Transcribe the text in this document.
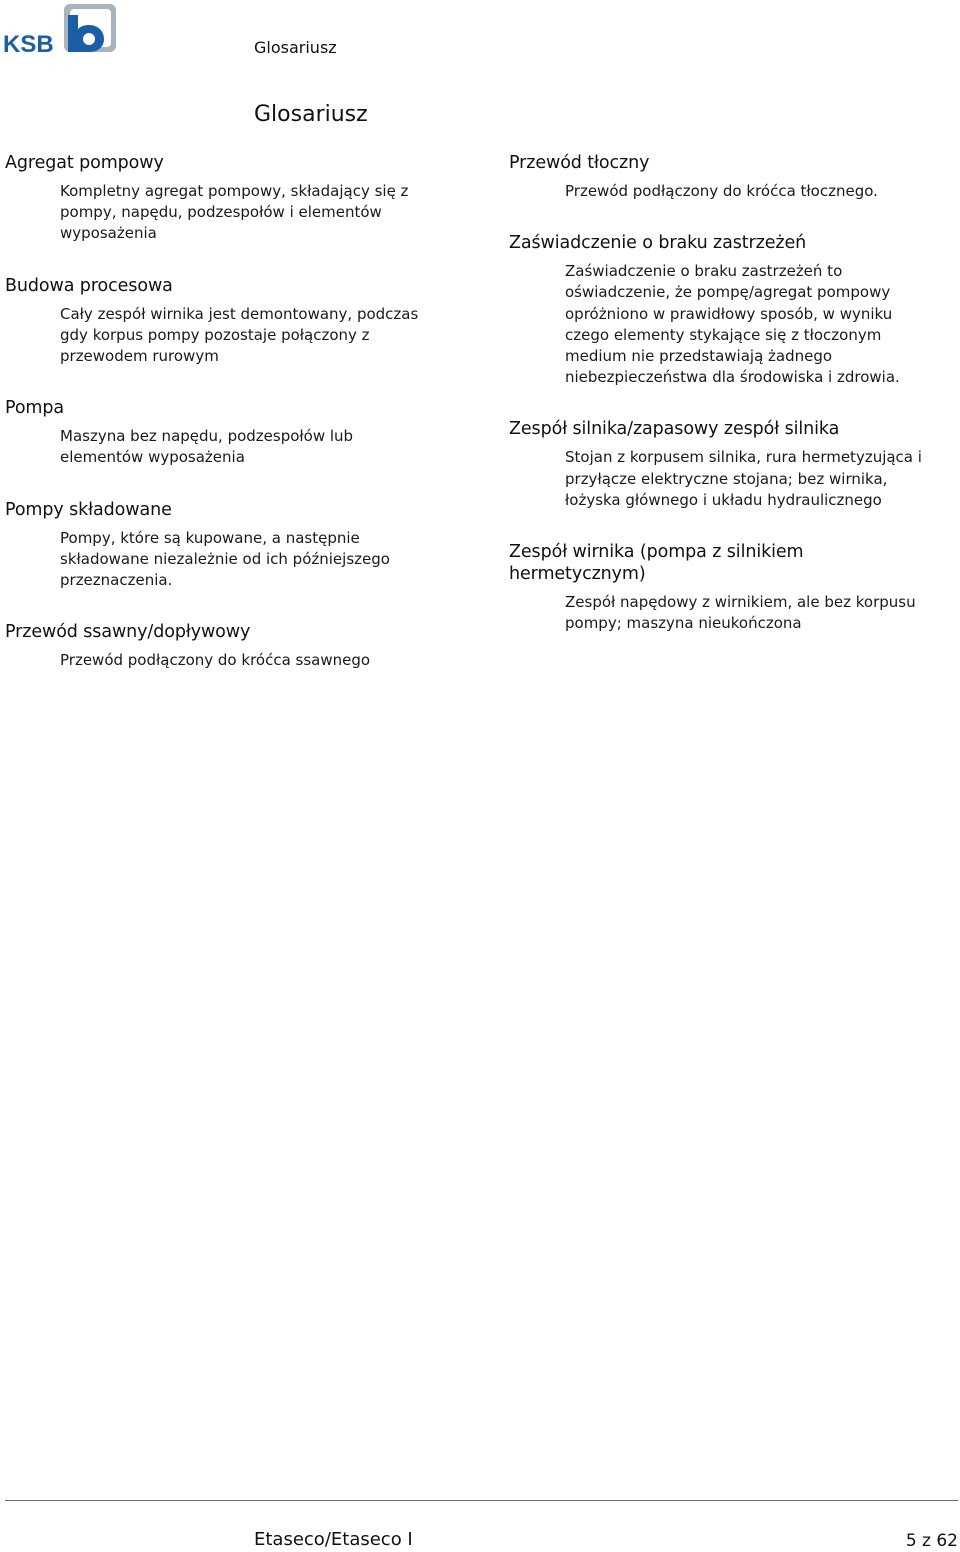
KSB	Glosariusz
Glosariusz
Agregat pompowy

Kompletny agregat pompowy, składający się z
pompy, napędu, podzespołów i elementów
wyposażenia

Budowa procesowa

Cały zespół wirnika jest demontowany, podczas
gdy korpus pompy pozostaje połączony z
przewodem rurowym

Pompa

Maszyna bez napędu, podzespołów lub
elementów wyposażenia

Pompy składowane

Pompy, które są kupowane, a następnie
składowane niezależnie od ich późniejszego
przeznaczenia.

Przewód ssawny/dopływowy

Przewód podłączony do króćca ssawnego

Przewód tłoczny

Przewód podłączony do króćca tłocznego.

Zaświadczenie o braku zastrzeżeń

Zaświadczenie o braku zastrzeżeń to
oświadczenie, że pompę/agregat pompowy
opróżniono w prawidłowy sposób, w wyniku
czego elementy stykające się z tłoczonym
medium nie przedstawiają żadnego
niebezpieczeństwa dla środowiska i zdrowia.

Zespół silnika/zapasowy zespół silnika

Stojan z korpusem silnika, rura hermetyzująca i
przyłącze elektryczne stojana; bez wirnika,
łożyska głównego i układu hydraulicznego

Zespół wirnika (pompa z silnikiem
hermetycznym)

Zespół napędowy z wirnikiem, ale bez korpusu
pompy; maszyna nieukończona

Etaseco/Etaseco I	5 z 62
